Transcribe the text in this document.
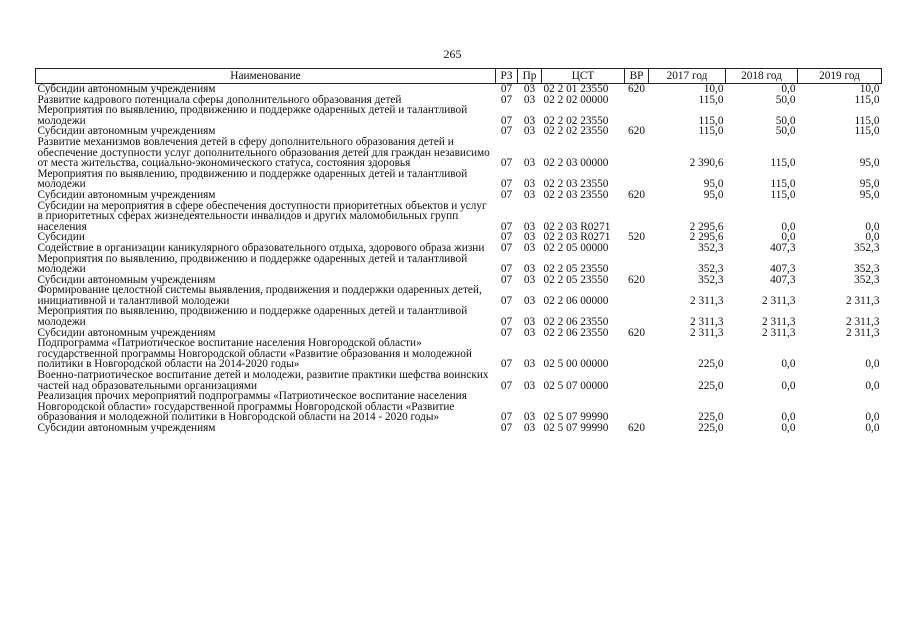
265
Наименование	РЗ	Пр	ЦСТ	ВР	2017 год	2018 год	2019 год
Субсидии автономным учреждениям	07	03	02 2 01 23550	620	10,0	0,0	10,0
Развитие кадрового потенциала сферы дополнительного образования детей	07	03	02 2 02 00000		115,0	50,0	115,0
Мероприятия по выявлению, продвижению и поддержке одаренных детей и талантливой молодежи	07	03	02 2 02 23550		115,0	50,0	115,0
Субсидии автономным учреждениям	07	03	02 2 02 23550	620	115,0	50,0	115,0
Развитие механизмов вовлечения детей в сферу дополнительного образования детей и обеспечение доступности услуг дополнительного образования детей для граждан независимо от места жительства, социально-экономического статуса, состояния здоровья	07	03	02 2 03 00000		2 390,6	115,0	95,0
Мероприятия по выявлению, продвижению и поддержке одаренных детей и талантливой молодежи	07	03	02 2 03 23550		95,0	115,0	95,0
Субсидии автономным учреждениям	07	03	02 2 03 23550	620	95,0	115,0	95,0
Субсидии на мероприятия в сфере обеспечения доступности приоритетных объектов и услуг в приоритетных сферах жизнедеятельности инвалидов и других маломобильных групп населения	07	03	02 2 03 R0271		2 295,6	0,0	0,0
Субсидии	07	03	02 2 03 R0271	520	2 295,6	0,0	0,0
Содействие в организации каникулярного образовательного отдыха, здорового образа жизни	07	03	02 2 05 00000		352,3	407,3	352,3
Мероприятия по выявлению, продвижению и поддержке одаренных детей и талантливой молодежи	07	03	02 2 05 23550		352,3	407,3	352,3
Субсидии автономным учреждениям	07	03	02 2 05 23550	620	352,3	407,3	352,3
Формирование целостной системы выявления, продвижения и поддержки одаренных детей, инициативной и талантливой молодежи	07	03	02 2 06 00000		2 311,3	2 311,3	2 311,3
Мероприятия по выявлению, продвижению и поддержке одаренных детей и талантливой молодежи	07	03	02 2 06 23550		2 311,3	2 311,3	2 311,3
Субсидии автономным учреждениям	07	03	02 2 06 23550	620	2 311,3	2 311,3	2 311,3
Подпрограмма «Патриотическое воспитание населения Новгородской области» государственной программы Новгородской области «Развитие образования и молодежной политики в Новгородской области на 2014-2020 годы»	07	03	02 5 00 00000		225,0	0,0	0,0
Военно-патриотическое воспитание детей и молодежи, развитие практики шефства воинских частей над образовательными организациями	07	03	02 5 07 00000		225,0	0,0	0,0
Реализация прочих мероприятий подпрограммы «Патриотическое воспитание населения Новгородской области» государственной программы Новгородской области «Развитие образования и молодежной политики в Новгородской области на 2014 - 2020 годы»	07	03	02 5 07 99990		225,0	0,0	0,0
Субсидии автономным учреждениям	07	03	02 5 07 99990	620	225,0	0,0	0,0
